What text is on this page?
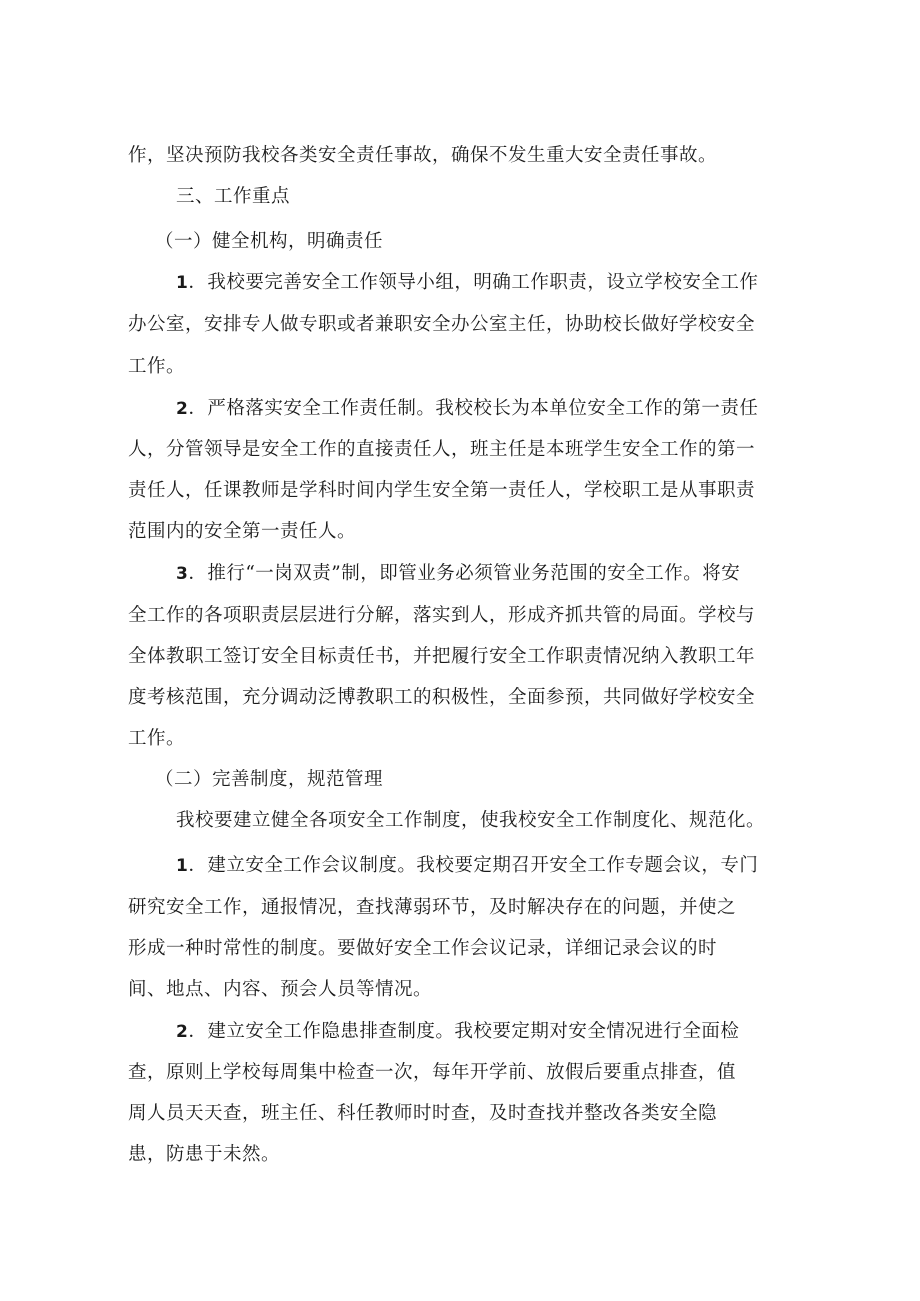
作，坚决预防我校各类安全责任事故，确保不发生重大安全责任事故。
三、工作重点
（一）健全机构，明确责任
1．我校要完善安全工作领导小组，明确工作职责，设立学校安全工作
办公室，安排专人做专职或者兼职安全办公室主任，协助校长做好学校安全
工作。
2．严格落实安全工作责任制。我校校长为本单位安全工作的第一责任
人，分管领导是安全工作的直接责任人，班主任是本班学生安全工作的第一
责任人，任课教师是学科时间内学生安全第一责任人，学校职工是从事职责
范围内的安全第一责任人。
3．推行“一岗双责”制，即管业务必须管业务范围的安全工作。将安
全工作的各项职责层层进行分解，落实到人，形成齐抓共管的局面。学校与
全体教职工签订安全目标责任书，并把履行安全工作职责情况纳入教职工年
度考核范围，充分调动泛博教职工的积极性，全面参预，共同做好学校安全
工作。
（二）完善制度，规范管理
我校要建立健全各项安全工作制度，使我校安全工作制度化、规范化。
1．建立安全工作会议制度。我校要定期召开安全工作专题会议，专门
研究安全工作，通报情况，查找薄弱环节，及时解决存在的问题，并使之
形成一种时常性的制度。要做好安全工作会议记录，详细记录会议的时
间、地点、内容、预会人员等情况。
2．建立安全工作隐患排查制度。我校要定期对安全情况进行全面检
查，原则上学校每周集中检查一次，每年开学前、放假后要重点排查，值
周人员天天查，班主任、科任教师时时查，及时查找并整改各类安全隐
患，防患于未然。
